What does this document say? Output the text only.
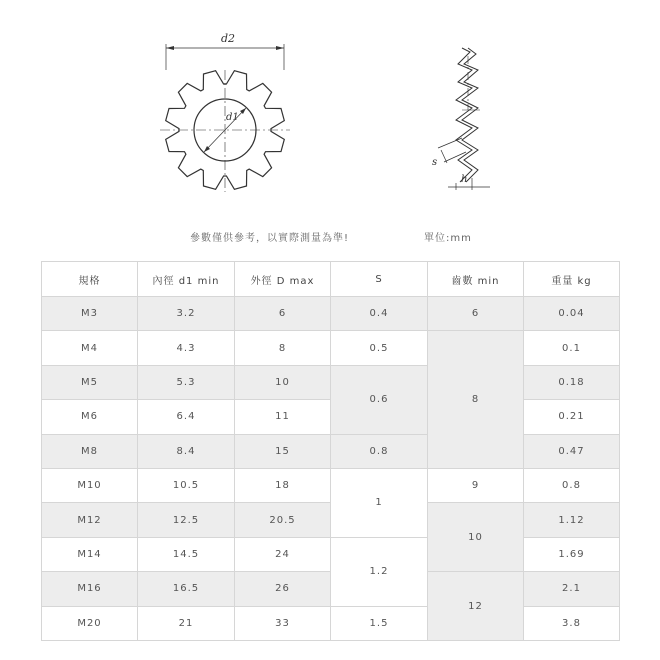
d2
d1
s
h
參數僅供參考，以實際測量為準!	單位:mm
規格	內徑 d1 min	外徑 D max	S	齒數 min	重量 kg
M3	3.2	6	0.4	6	0.04
M4	4.3	8	0.5	8	0.1
M5	5.3	10	0.6		0.18
M6	6.4	11			0.21
M8	8.4	15	0.8		0.47
M10	10.5	18	1	9	0.8
M12	12.5	20.5		10	1.12
M14	14.5	24	1.2		1.69
M16	16.5	26		12	2.1
M20	21	33	1.5		3.8
